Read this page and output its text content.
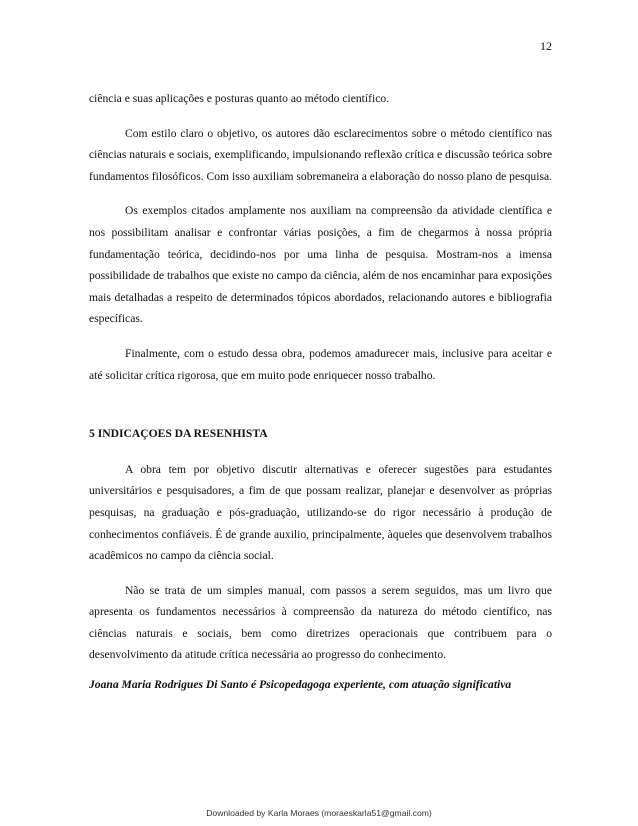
12

ciência e suas aplicações e posturas quanto ao método científico.

Com estilo claro o objetivo, os autores dão esclarecimentos sobre o método científico nas ciências naturais e sociais, exemplificando, impulsionando reflexão crítica e discussão teórica sobre fundamentos filosóficos. Com isso auxiliam sobremaneira a elaboração do nosso plano de pesquisa.

Os exemplos citados amplamente nos auxiliam na compreensão da atividade científica e nos possibilitam analisar e confrontar várias posições, a fim de chegarmos à nossa própria fundamentação teórica, decidindo-nos por uma linha de pesquisa. Mostram-nos a imensa possibilidade de trabalhos que existe no campo da ciência, além de nos encaminhar para exposições mais detalhadas a respeito de determinados tópicos abordados, relacionando autores e bibliografia específicas.

Finalmente, com o estudo dessa obra, podemos amadurecer mais, inclusive para aceitar e até solicitar crítica rigorosa, que em muito pode enriquecer nosso trabalho.

5 INDICAÇOES DA RESENHISTA

A obra tem por objetivo discutir alternativas e oferecer sugestões para estudantes universitários e pesquisadores, a fim de que possam realizar, planejar e desenvolver as próprias pesquisas, na graduação e pós-graduação, utilizando-se do rigor necessário à produção de conhecimentos confiáveis. É de grande auxilio, principalmente, àqueles que desenvolvem trabalhos acadêmicos no campo da ciência social.

Não se trata de um simples manual, com passos a serem seguidos, mas um livro que apresenta os fundamentos necessários à compreensão da natureza do método científico, nas ciências naturais e sociais, bem como diretrizes operacionais que contribuem para o desenvolvimento da atitude crítica necessária ao progresso do conhecimento.

Joana Maria Rodrigues Di Santo é Psicopedagoga experiente, com atuação significativa

Downloaded by Karla Moraes (moraeskarla51@gmail.com)
